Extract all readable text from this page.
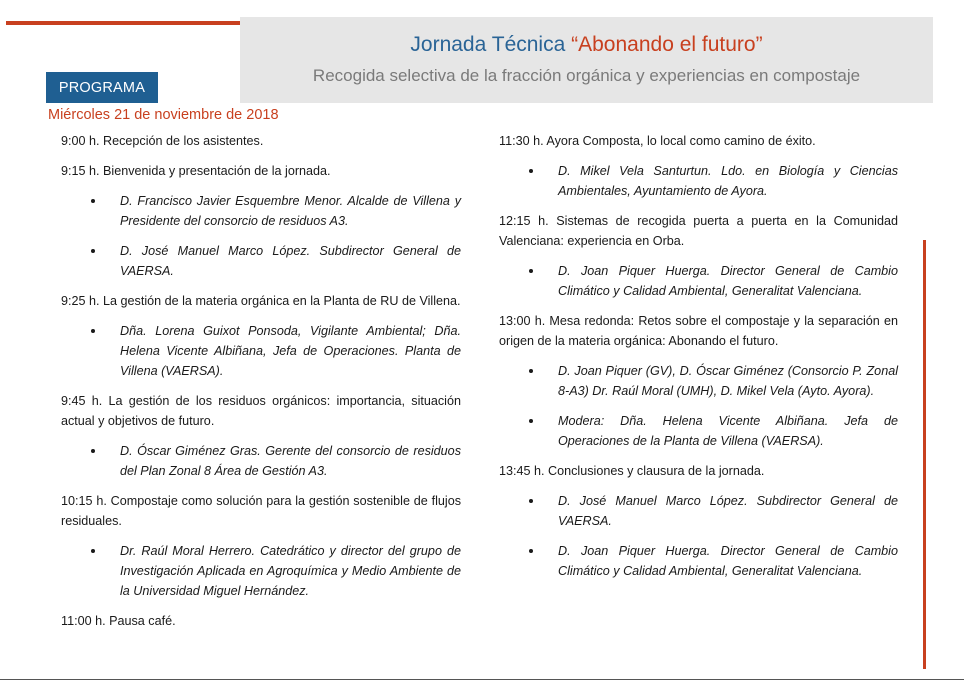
Jornada Técnica “Abonando el futuro”
Recogida selectiva de la fracción orgánica y experiencias en compostaje
PROGRAMA
Miércoles 21 de noviembre de 2018
9:00 h. Recepción de los asistentes.
9:15 h. Bienvenida y presentación de la jornada.
D. Francisco Javier Esquembre Menor. Alcalde de Villena y Presidente del consorcio de residuos A3.
D. José Manuel Marco López. Subdirector General de VAERSA.
9:25 h. La gestión de la materia orgánica en la Planta de RU de Villena.
Dña. Lorena Guixot Ponsoda, Vigilante Ambiental; Dña. Helena Vicente Albiñana, Jefa de Operaciones. Planta de Villena (VAERSA).
9:45 h. La gestión de los residuos orgánicos: importancia, situación actual y objetivos de futuro.
D. Óscar Giménez Gras. Gerente del consorcio de residuos del Plan Zonal 8 Área de Gestión A3.
10:15 h. Compostaje como solución para la gestión sostenible de flujos residuales.
Dr. Raúl Moral Herrero. Catedrático y director del grupo de Investigación Aplicada en Agroquímica y Medio Ambiente de la Universidad Miguel Hernández.
11:00 h. Pausa café.
11:30 h. Ayora Composta, lo local como camino de éxito.
D. Mikel Vela Santurtun. Ldo. en Biología y Ciencias Ambientales, Ayuntamiento de Ayora.
12:15 h. Sistemas de recogida puerta a puerta en la Comunidad Valenciana: experiencia en Orba.
D. Joan Piquer Huerga. Director General de Cambio Climático y Calidad Ambiental, Generalitat Valenciana.
13:00 h. Mesa redonda: Retos sobre el compostaje y la separación en origen de la materia orgánica: Abonando el futuro.
D. Joan Piquer (GV), D. Óscar Giménez (Consorcio P. Zonal 8-A3) Dr. Raúl Moral (UMH), D. Mikel Vela (Ayto. Ayora).
Modera: Dña. Helena Vicente Albiñana. Jefa de Operaciones de la Planta de Villena (VAERSA).
13:45 h. Conclusiones y clausura de la jornada.
D. José Manuel Marco López. Subdirector General de VAERSA.
D. Joan Piquer Huerga. Director General de Cambio Climático y Calidad Ambiental, Generalitat Valenciana.
